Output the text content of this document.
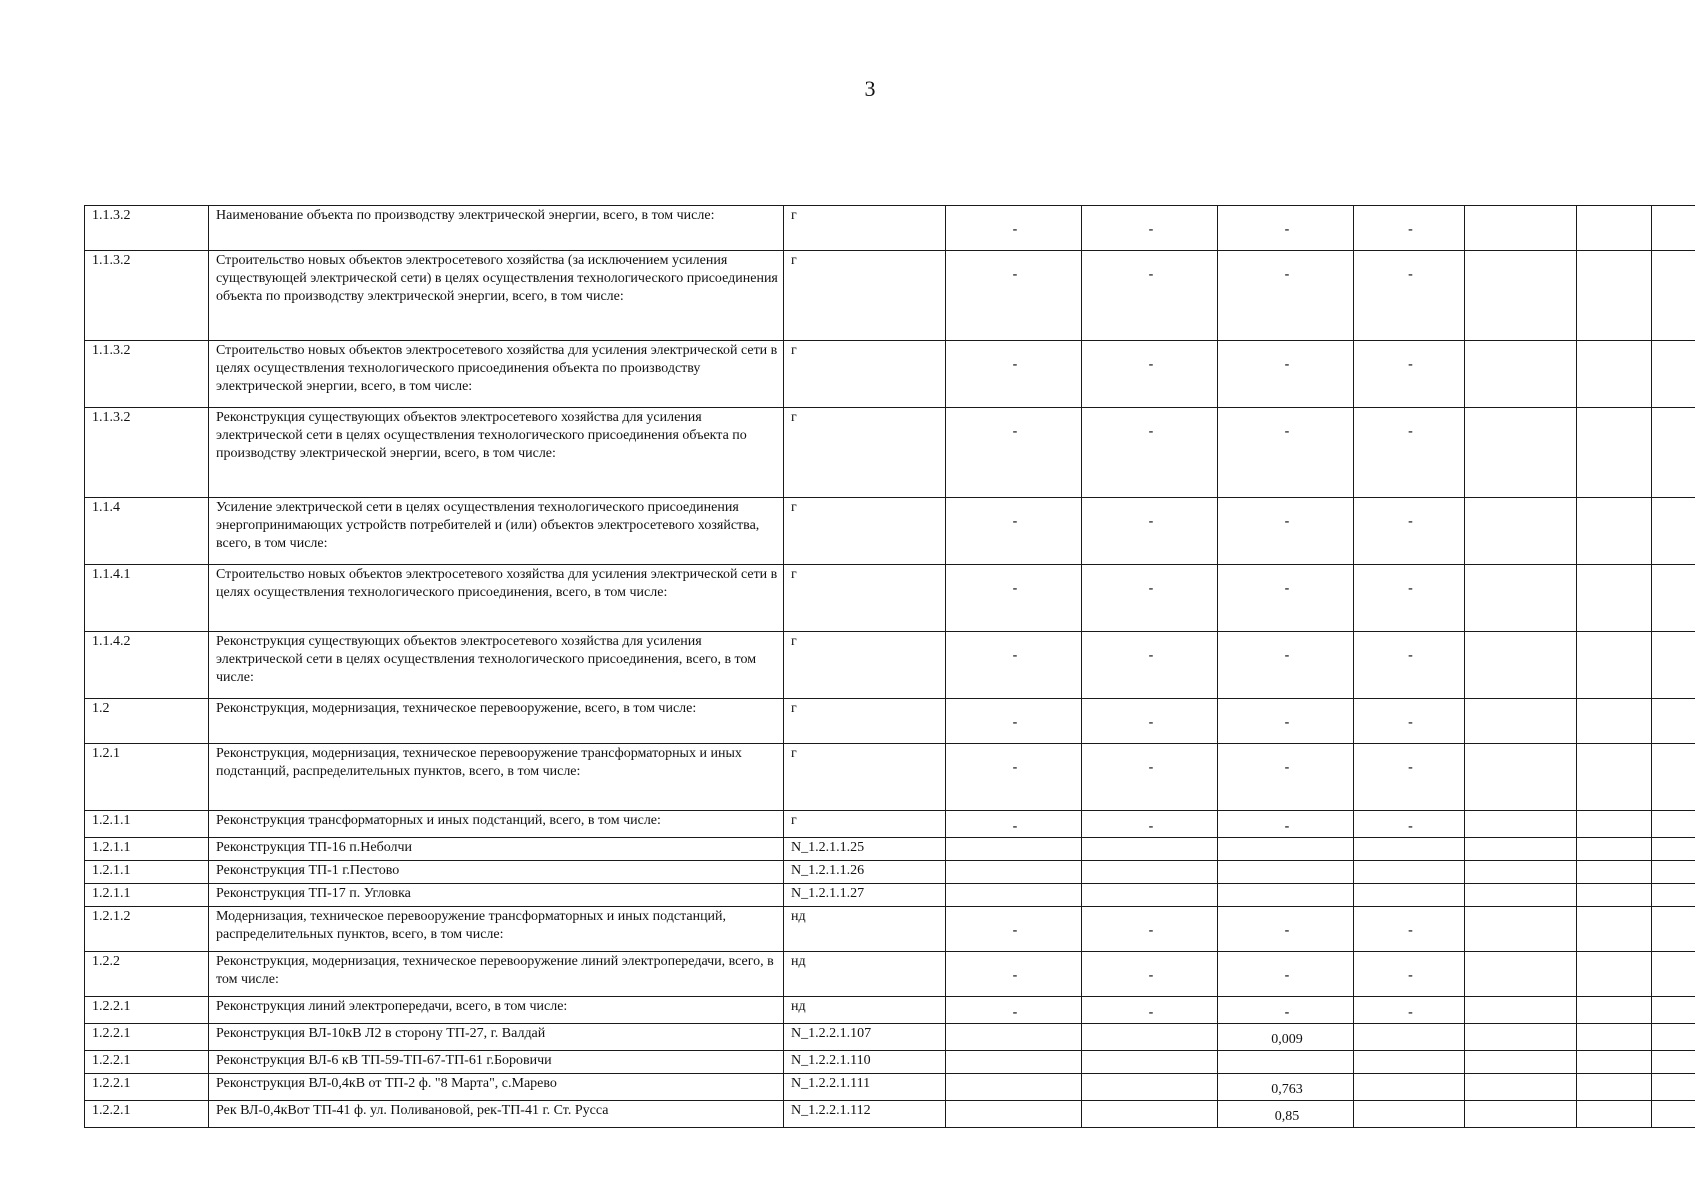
3
1.1.3.2	Наименование объекта по производству электрической энергии, всего, в том числе:	г	-	-	-	-			
1.1.3.2	Строительство новых объектов электросетевого хозяйства (за исключением усиления существующей электрической сети) в целях осуществления технологического присоединения объекта по производству электрической энергии, всего, в том числе:	г	-	-	-	-			
1.1.3.2	Строительство новых объектов электросетевого хозяйства для усиления электрической сети в целях осуществления технологического присоединения объекта по производству электрической энергии, всего, в том числе:	г	-	-	-	-			
1.1.3.2	Реконструкция существующих объектов электросетевого хозяйства для усиления электрической сети в целях осуществления технологического присоединения объекта по производству электрической энергии, всего, в том числе:	г	-	-	-	-			
1.1.4	Усиление электрической сети в целях осуществления технологического присоединения энергопринимающих устройств потребителей и (или) объектов электросетевого хозяйства, всего, в том числе:	г	-	-	-	-			
1.1.4.1	Строительство новых объектов электросетевого хозяйства для усиления электрической сети в целях осуществления технологического присоединения, всего, в том числе:	г	-	-	-	-			
1.1.4.2	Реконструкция существующих объектов электросетевого хозяйства для усиления электрической сети в целях осуществления технологического присоединения, всего, в том числе:	г	-	-	-	-			
1.2	Реконструкция, модернизация, техническое перевооружение, всего, в том числе:	г	-	-	-	-			
1.2.1	Реконструкция, модернизация, техническое перевооружение трансформаторных и иных подстанций, распределительных пунктов, всего, в том числе:	г	-	-	-	-			
1.2.1.1	Реконструкция трансформаторных и иных подстанций, всего, в том числе:	г	-	-	-	-			
1.2.1.1	Реконструкция ТП-16 п.Неболчи	N_1.2.1.1.25							
1.2.1.1	Реконструкция ТП-1 г.Пестово	N_1.2.1.1.26							
1.2.1.1	Реконструкция ТП-17 п. Угловка	N_1.2.1.1.27							
1.2.1.2	Модернизация, техническое перевооружение трансформаторных и иных подстанций, распределительных пунктов, всего, в том числе:	нд	-	-	-	-			
1.2.2	Реконструкция, модернизация, техническое перевооружение линий электропередачи, всего, в том числе:	нд	-	-	-	-			
1.2.2.1	Реконструкция линий электропередачи, всего, в том числе:	нд	-	-	-	-			
1.2.2.1	Реконструкция ВЛ-10кВ Л2 в сторону ТП-27, г. Валдай	N_1.2.2.1.107			0,009				
1.2.2.1	Реконструкция ВЛ-6 кВ ТП-59-ТП-67-ТП-61 г.Боровичи	N_1.2.2.1.110							
1.2.2.1	Реконструкция ВЛ-0,4кВ от ТП-2 ф. "8 Марта", с.Марево	N_1.2.2.1.111			0,763				
1.2.2.1	Рек ВЛ-0,4кВот ТП-41 ф. ул. Поливановой, рек-ТП-41 г. Ст. Русса	N_1.2.2.1.112			0,85				
